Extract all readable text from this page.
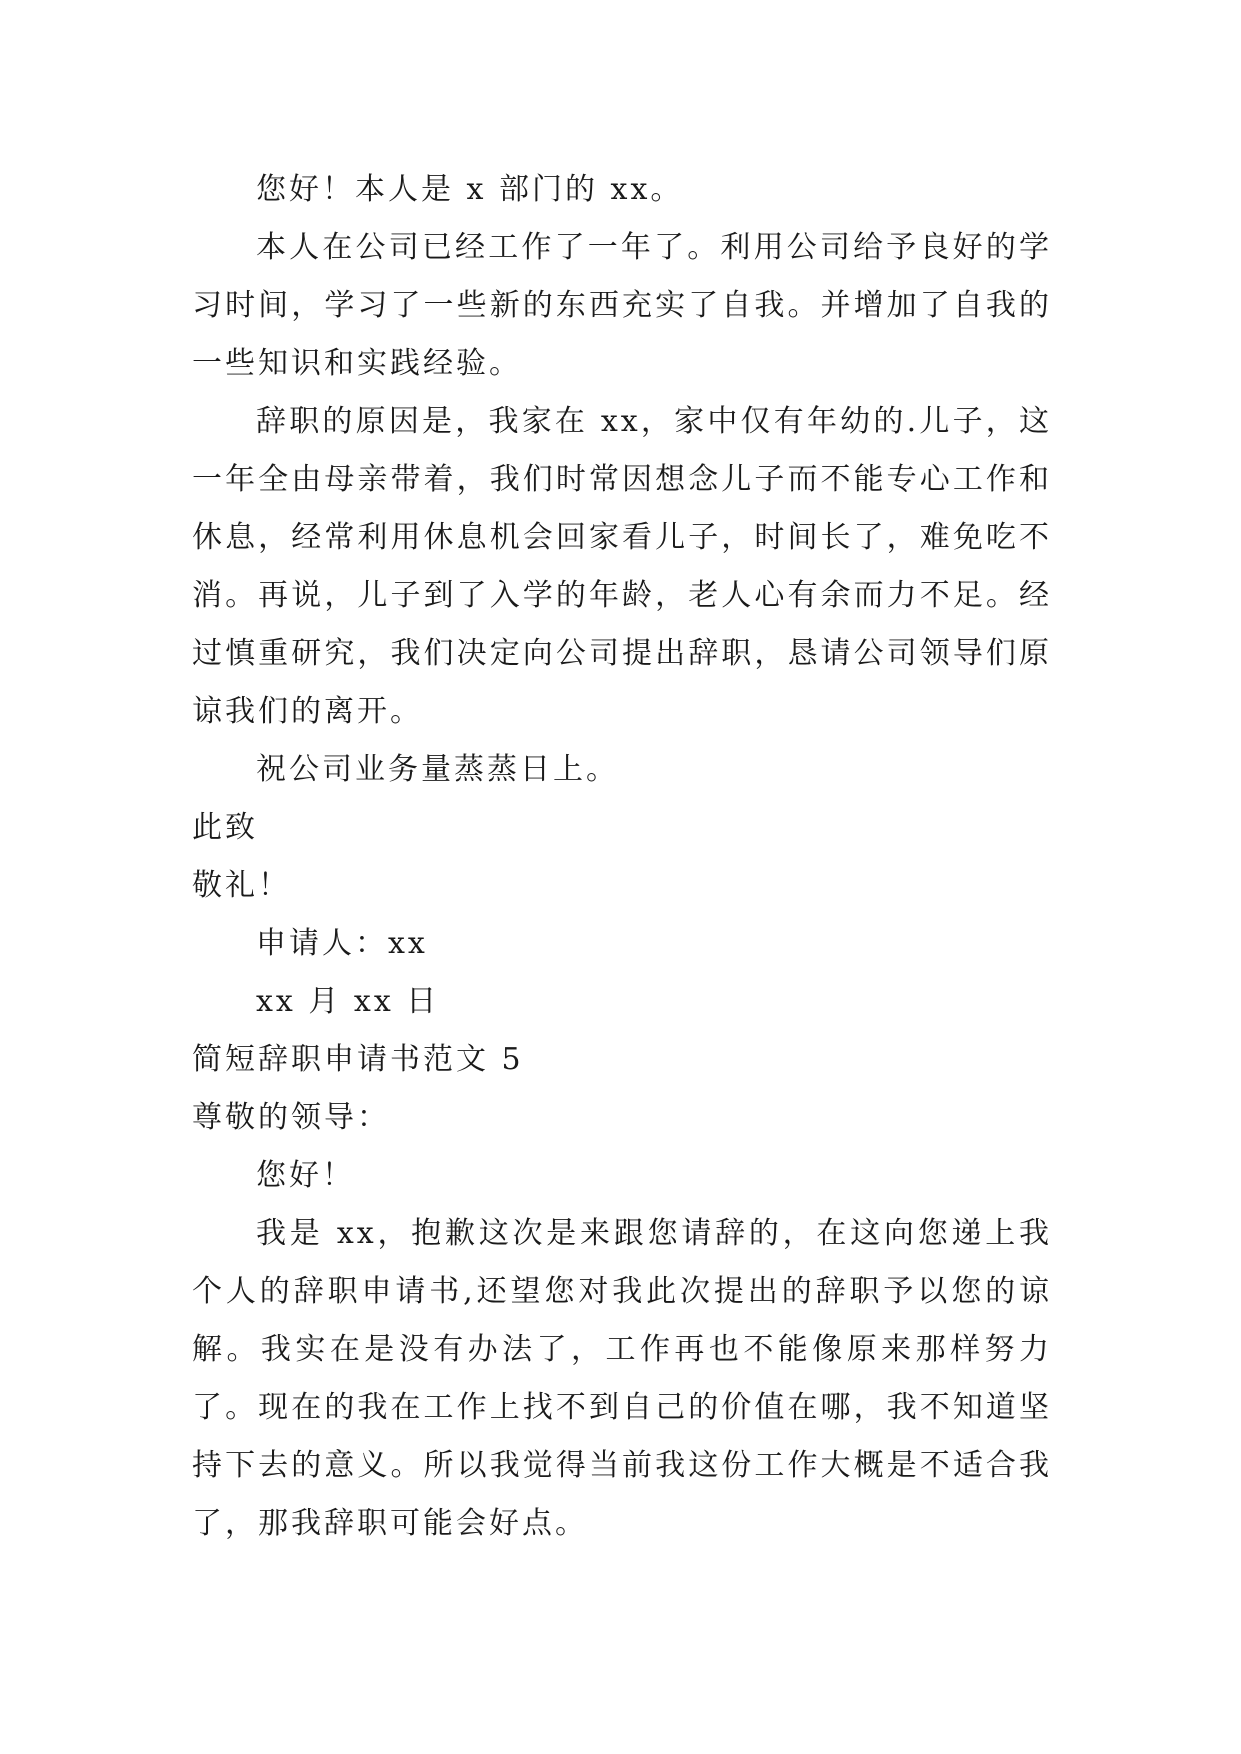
您好！本人是 x 部门的 xx。

本人在公司已经工作了一年了。利用公司给予良好的学习时间，学习了一些新的东西充实了自我。并增加了自我的一些知识和实践经验。

辞职的原因是，我家在 xx，家中仅有年幼的.儿子，这一年全由母亲带着，我们时常因想念儿子而不能专心工作和休息，经常利用休息机会回家看儿子，时间长了，难免吃不消。再说，儿子到了入学的年龄，老人心有余而力不足。经过慎重研究，我们决定向公司提出辞职，恳请公司领导们原谅我们的离开。

祝公司业务量蒸蒸日上。

此致

敬礼！

申请人：xx

xx 月 xx 日

简短辞职申请书范文 5

尊敬的领导：

您好！

我是 xx，抱歉这次是来跟您请辞的，在这向您递上我个人的辞职申请书,还望您对我此次提出的辞职予以您的谅解。我实在是没有办法了，工作再也不能像原来那样努力了。现在的我在工作上找不到自己的价值在哪，我不知道坚持下去的意义。所以我觉得当前我这份工作大概是不适合我了，那我辞职可能会好点。
